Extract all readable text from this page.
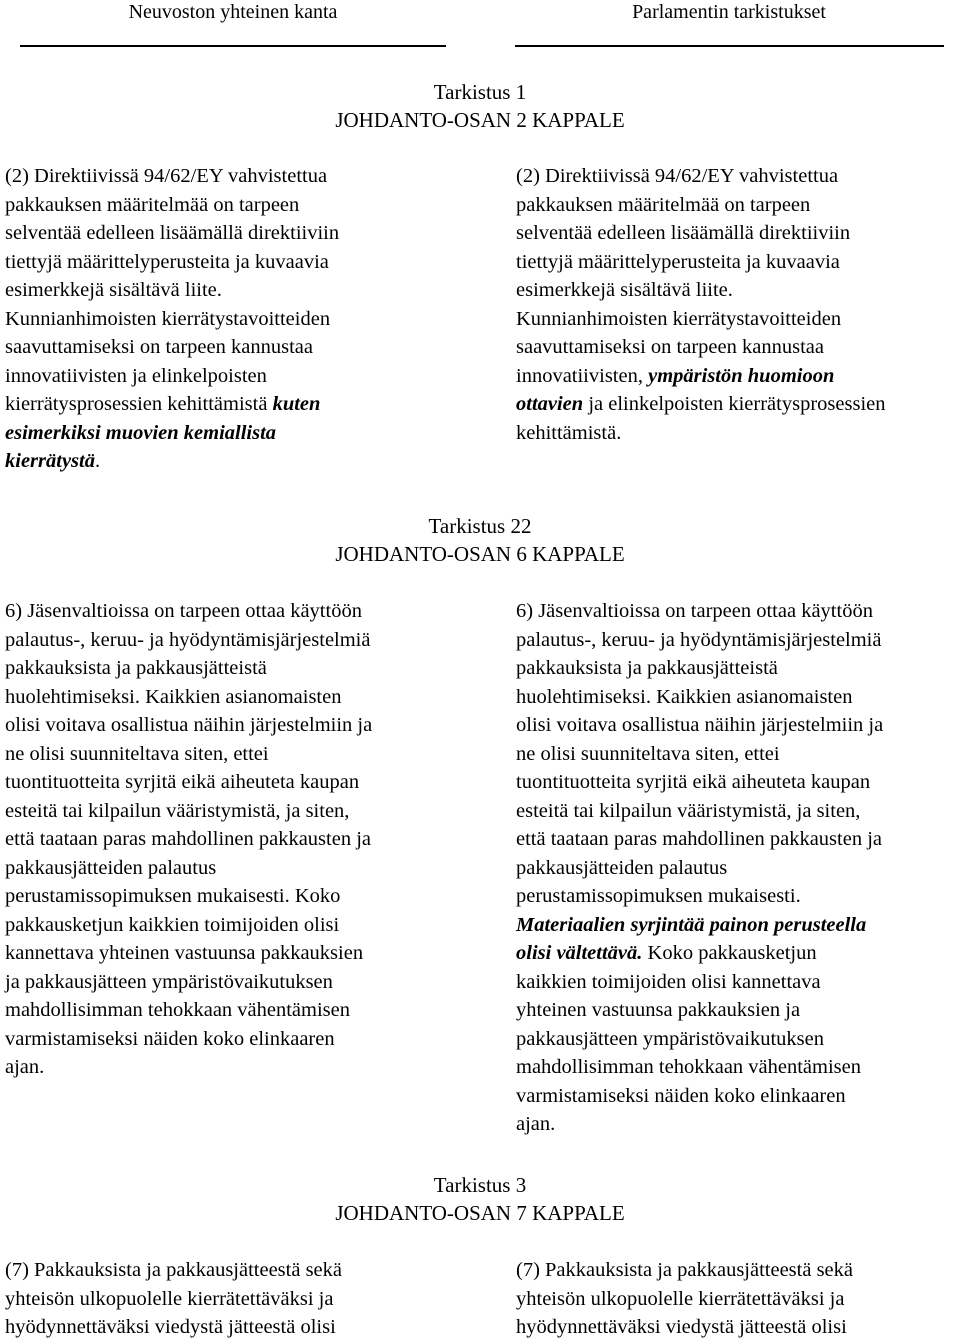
Neuvoston yhteinen kanta	Parlamentin tarkistukset
Tarkistus 1
JOHDANTO-OSAN 2 KAPPALE
(2) Direktiivissä 94/62/EY vahvistettua
pakkauksen määritelmää on tarpeen
selventää edelleen lisäämällä direktiiviin
tiettyjä määrittelyperusteita ja kuvaavia
esimerkkejä sisältävä liite.
Kunnianhimoisten kierrätystavoitteiden
saavuttamiseksi on tarpeen kannustaa
innovatiivisten ja elinkelpoisten
kierrätysprosessien kehittämistä kuten
esimerkiksi muovien kemiallista
kierrätystä.
(2) Direktiivissä 94/62/EY vahvistettua
pakkauksen määritelmää on tarpeen
selventää edelleen lisäämällä direktiiviin
tiettyjä määrittelyperusteita ja kuvaavia
esimerkkejä sisältävä liite.
Kunnianhimoisten kierrätystavoitteiden
saavuttamiseksi on tarpeen kannustaa
innovatiivisten, ympäristön huomioon
ottavien ja elinkelpoisten kierrätysprosessien
kehittämistä.
Tarkistus 22
JOHDANTO-OSAN 6 KAPPALE
6) Jäsenvaltioissa on tarpeen ottaa käyttöön
palautus-, keruu- ja hyödyntämisjärjestelmiä
pakkauksista ja pakkausjätteistä
huolehtimiseksi. Kaikkien asianomaisten
olisi voitava osallistua näihin järjestelmiin ja
ne olisi suunniteltava siten, ettei
tuontituotteita syrjitä eikä aiheuteta kaupan
esteitä tai kilpailun vääristymistä, ja siten,
että taataan paras mahdollinen pakkausten ja
pakkausjätteiden palautus
perustamissopimuksen mukaisesti. Koko
pakkausketjun kaikkien toimijoiden olisi
kannettava yhteinen vastuunsa pakkauksien
ja pakkausjätteen ympäristövaikutuksen
mahdollisimman tehokkaan vähentämisen
varmistamiseksi näiden koko elinkaaren
ajan.
6) Jäsenvaltioissa on tarpeen ottaa käyttöön
palautus-, keruu- ja hyödyntämisjärjestelmiä
pakkauksista ja pakkausjätteistä
huolehtimiseksi. Kaikkien asianomaisten
olisi voitava osallistua näihin järjestelmiin ja
ne olisi suunniteltava siten, ettei
tuontituotteita syrjitä eikä aiheuteta kaupan
esteitä tai kilpailun vääristymistä, ja siten,
että taataan paras mahdollinen pakkausten ja
pakkausjätteiden palautus
perustamissopimuksen mukaisesti.
Materiaalien syrjintää painon perusteella
olisi vältettävä. Koko pakkausketjun
kaikkien toimijoiden olisi kannettava
yhteinen vastuunsa pakkauksien ja
pakkausjätteen ympäristövaikutuksen
mahdollisimman tehokkaan vähentämisen
varmistamiseksi näiden koko elinkaaren
ajan.
Tarkistus 3
JOHDANTO-OSAN 7 KAPPALE
(7) Pakkauksista ja pakkausjätteestä sekä
yhteisön ulkopuolelle kierrätettäväksi ja
hyödynnettäväksi viedystä jätteestä olisi
(7) Pakkauksista ja pakkausjätteestä sekä
yhteisön ulkopuolelle kierrätettäväksi ja
hyödynnettäväksi viedystä jätteestä olisi
